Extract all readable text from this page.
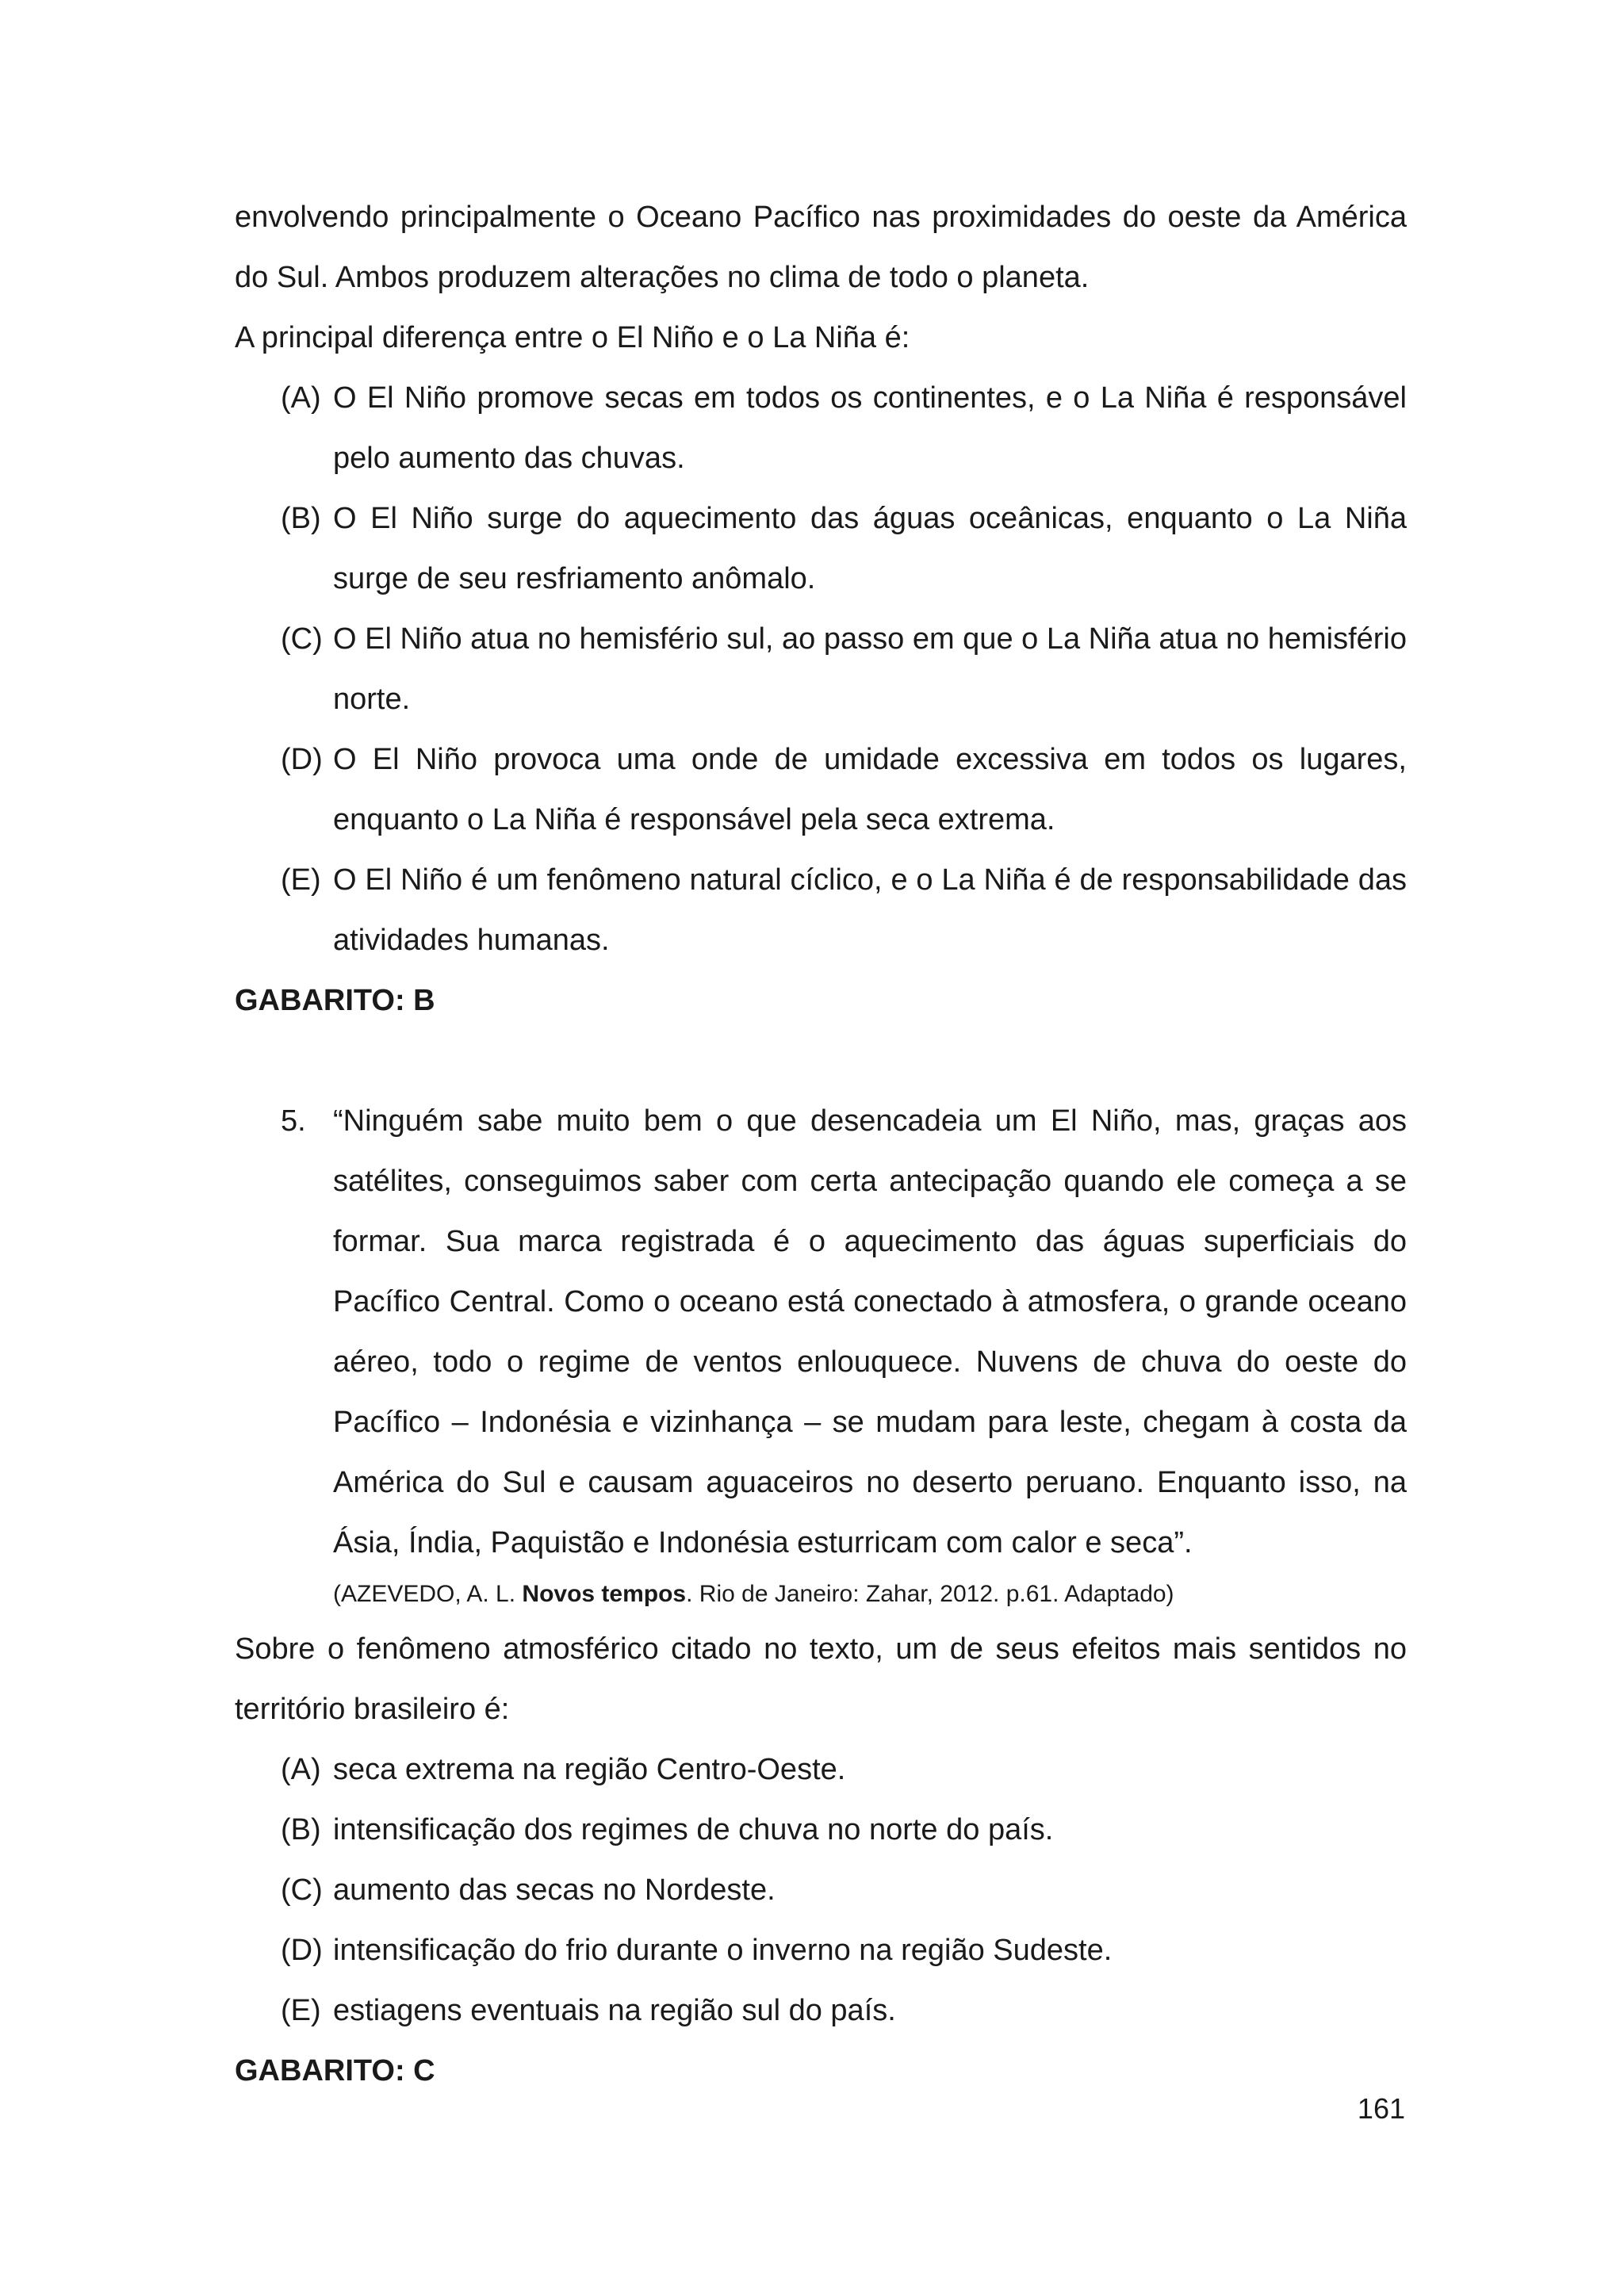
envolvendo principalmente o Oceano Pacífico nas proximidades do oeste da América do Sul. Ambos produzem alterações no clima de todo o planeta.

A principal diferença entre o El Niño e o La Niña é:

(A) O El Niño promove secas em todos os continentes, e o La Niña é responsável pelo aumento das chuvas.
(B) O El Niño surge do aquecimento das águas oceânicas, enquanto o La Niña surge de seu resfriamento anômalo.
(C) O El Niño atua no hemisfério sul, ao passo em que o La Niña atua no hemisfério norte.
(D) O El Niño provoca uma onde de umidade excessiva em todos os lugares, enquanto o La Niña é responsável pela seca extrema.
(E) O El Niño é um fenômeno natural cíclico, e o La Niña é de responsabilidade das atividades humanas.

GABARITO: B

5. “Ninguém sabe muito bem o que desencadeia um El Niño, mas, graças aos satélites, conseguimos saber com certa antecipação quando ele começa a se formar. Sua marca registrada é o aquecimento das águas superficiais do Pacífico Central. Como o oceano está conectado à atmosfera, o grande oceano aéreo, todo o regime de ventos enlouquece. Nuvens de chuva do oeste do Pacífico – Indonésia e vizinhança – se mudam para leste, chegam à costa da América do Sul e causam aguaceiros no deserto peruano. Enquanto isso, na Ásia, Índia, Paquistão e Indonésia esturricam com calor e seca”.

(AZEVEDO, A. L. Novos tempos. Rio de Janeiro: Zahar, 2012. p.61. Adaptado)

Sobre o fenômeno atmosférico citado no texto, um de seus efeitos mais sentidos no território brasileiro é:

(A) seca extrema na região Centro-Oeste.
(B) intensificação dos regimes de chuva no norte do país.
(C) aumento das secas no Nordeste.
(D) intensificação do frio durante o inverno na região Sudeste.
(E) estiagens eventuais na região sul do país.

GABARITO: C

161
